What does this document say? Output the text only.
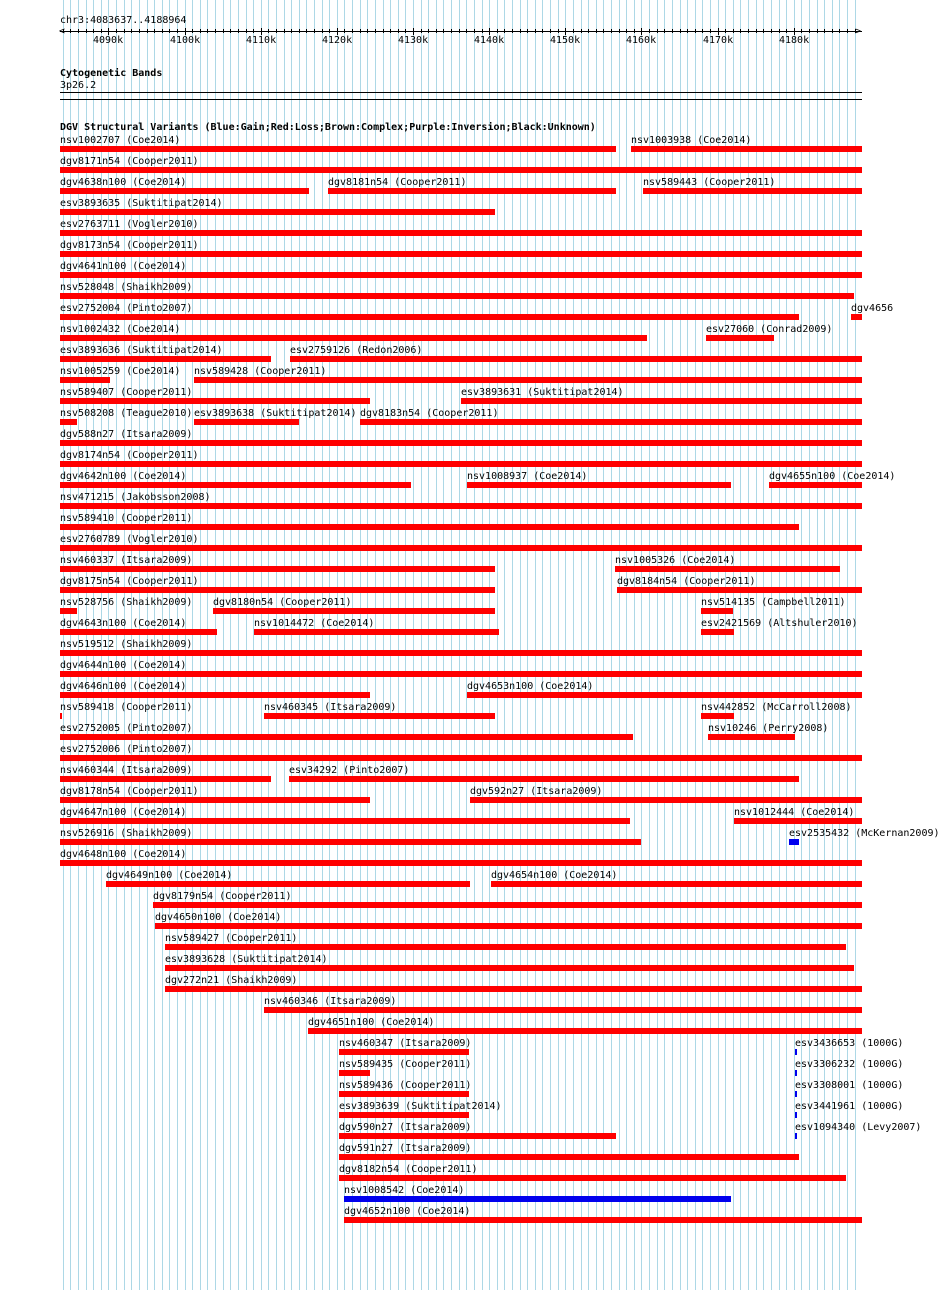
chr3:4083637..4188964
<	>
4090k	4100k	4110k	4120k	4130k	4140k	4150k	4160k	4170k	4180k
Cytogenetic Bands
3p26.2
DGV Structural Variants (Blue:Gain;Red:Loss;Brown:Complex;Purple:Inversion;Black:Unknown)
nsv1002707 (Coe2014)	nsv1003938 (Coe2014)
dgv8171n54 (Cooper2011)
dgv4638n100 (Coe2014)	dgv8181n54 (Cooper2011)	nsv589443 (Cooper2011)
esv3893635 (Suktitipat2014)
esv2763711 (Vogler2010)
dgv8173n54 (Cooper2011)
dgv4641n100 (Coe2014)
nsv528048 (Shaikh2009)
esv2752004 (Pinto2007)	dgv4656
nsv1002432 (Coe2014)	esv27060 (Conrad2009)
esv3893636 (Suktitipat2014)	esv2759126 (Redon2006)
nsv1005259 (Coe2014) nsv589428 (Cooper2011)
nsv589407 (Cooper2011)	esv3893631 (Suktitipat2014)
nsv508208 (Teague2010) esv3893638 (Suktitipat2014) dgv8183n54 (Cooper2011)
dgv588n27 (Itsara2009)
dgv8174n54 (Cooper2011)
dgv4642n100 (Coe2014)	nsv1008937 (Coe2014)	dgv4655n100 (Coe2014)
nsv471215 (Jakobsson2008)
nsv589410 (Cooper2011)
esv2760789 (Vogler2010)
nsv460337 (Itsara2009)	nsv1005326 (Coe2014)
dgv8175n54 (Cooper2011)	dgv8184n54 (Cooper2011)
nsv528756 (Shaikh2009) dgv8180n54 (Cooper2011)	nsv514135 (Campbell2011)
dgv4643n100 (Coe2014)	nsv1014472 (Coe2014)	esv2421569 (Altshuler2010)
nsv519512 (Shaikh2009)
dgv4644n100 (Coe2014)
dgv4646n100 (Coe2014)	dgv4653n100 (Coe2014)
nsv589418 (Cooper2011)	nsv460345 (Itsara2009)	nsv442852 (McCarroll2008)
esv2752005 (Pinto2007)	nsv10246 (Perry2008)
esv2752006 (Pinto2007)
nsv460344 (Itsara2009)	esv34292 (Pinto2007)
dgv8178n54 (Cooper2011)	dgv592n27 (Itsara2009)
dgv4647n100 (Coe2014)	nsv1012444 (Coe2014)
nsv526916 (Shaikh2009)	esv2535432 (McKernan2009)
dgv4648n100 (Coe2014)
dgv4649n100 (Coe2014)	dgv4654n100 (Coe2014)
dgv8179n54 (Cooper2011)
dgv4650n100 (Coe2014)
nsv589427 (Cooper2011)
esv3893628 (Suktitipat2014)
dgv272n21 (Shaikh2009)
nsv460346 (Itsara2009)
dgv4651n100 (Coe2014)
nsv460347 (Itsara2009)	esv3436653 (1000G)
nsv589435 (Cooper2011)	esv3306232 (1000G)
nsv589436 (Cooper2011)	esv3308001 (1000G)
esv3893639 (Suktitipat2014)	esv3441961 (1000G)
dgv590n27 (Itsara2009)	esv1094340 (Levy2007)
dgv591n27 (Itsara2009)
dgv8182n54 (Cooper2011)
nsv1008542 (Coe2014)
dgv4652n100 (Coe2014)
